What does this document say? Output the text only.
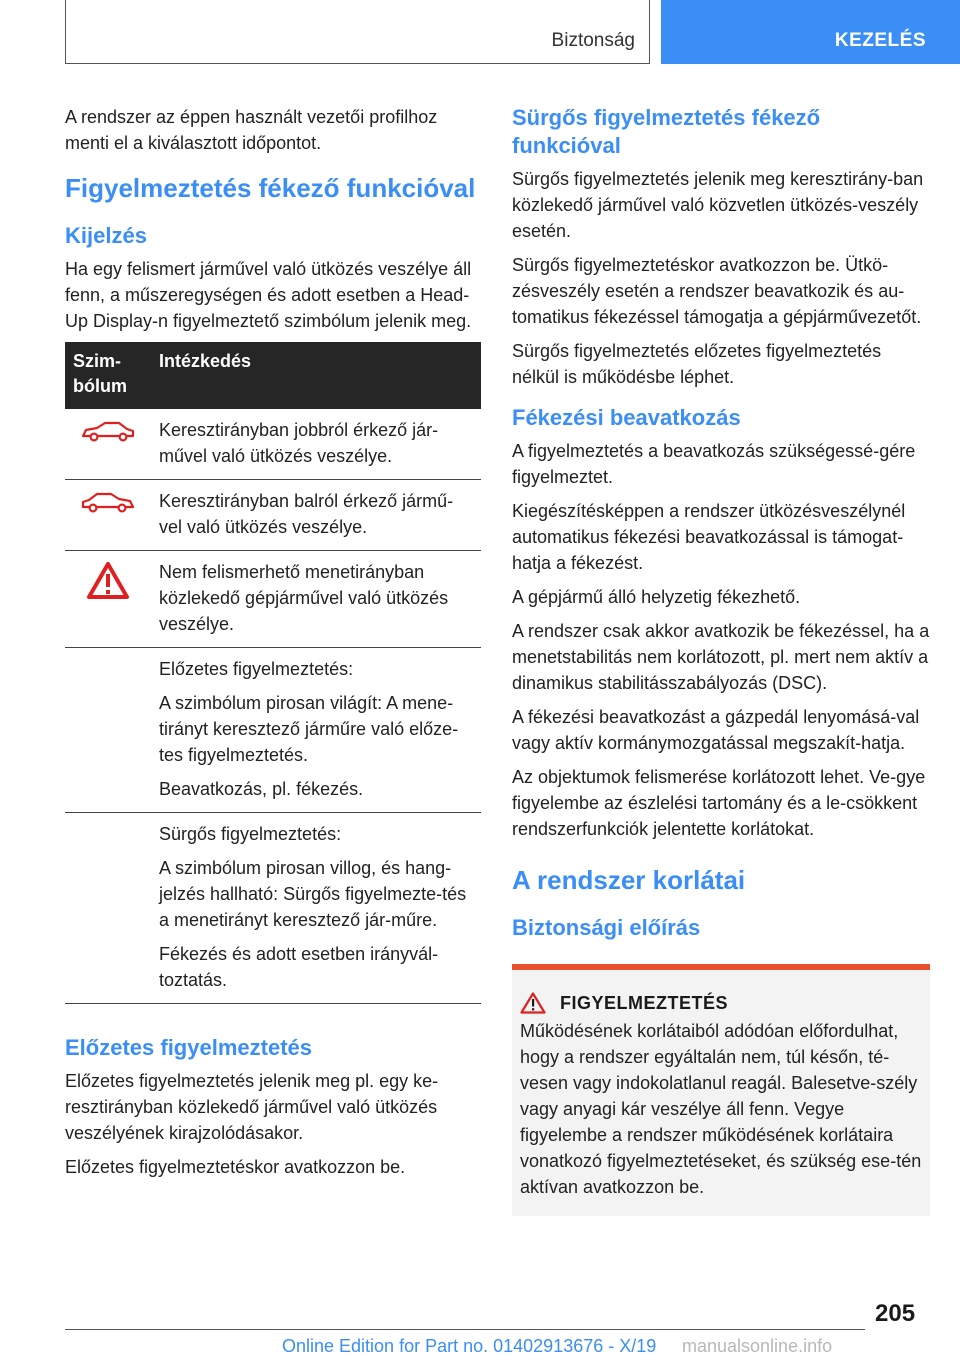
Biztonság	KEZELÉS

A rendszer az éppen használt vezetői profilhoz menti el a kiválasztott időpontot.

Figyelmeztetés fékező funkcióval
Kijelzés

Ha egy felismert járművel való ütközés veszélye áll fenn, a műszeregységen és adott esetben a Head-Up Display-n figyelmeztető szimbólum jelenik meg.

Szim-bólum	Intézkedés

Keresztirányban jobbról érkező jár-művel való ütközés veszélye.

Keresztirányban balról érkező jármű-vel való ütközés veszélye.

Nem felismerhető menetirányban közlekedő gépjárművel való ütközés veszélye.

	Előzetes figyelmeztetés:

A szimbólum pirosan világít: A mene-tirányt keresztező járműre való előze-tes figyelmeztetés.

Beavatkozás, pl. fékezés.

	Sürgős figyelmeztetés:

A szimbólum pirosan villog, és hang-jelzés hallható: Sürgős figyelmezte-tés a menetirányt keresztező jár-műre.

Fékezés és adott esetben irányvál-toztatás.

Előzetes figyelmeztetés

Előzetes figyelmeztetés jelenik meg pl. egy ke-resztirányban közlekedő járművel való ütközés veszélyének kirajzolódásakor.

Előzetes figyelmeztetéskor avatkozzon be.

Sürgős figyelmeztetés fékező funkcióval

Sürgős figyelmeztetés jelenik meg keresztirány-ban közlekedő járművel való közvetlen ütközés-veszély esetén.

Sürgős figyelmeztetéskor avatkozzon be. Ütkö-zésveszély esetén a rendszer beavatkozik és au-tomatikus fékezéssel támogatja a gépjárművezetőt.

Sürgős figyelmeztetés előzetes figyelmeztetés nélkül is működésbe léphet.

Fékezési beavatkozás

A figyelmeztetés a beavatkozás szükségessé-gére figyelmeztet.

Kiegészítésképpen a rendszer ütközésveszélynél automatikus fékezési beavatkozással is támogat-hatja a fékezést.

A gépjármű álló helyzetig fékezhető.

A rendszer csak akkor avatkozik be fékezéssel, ha a menetstabilitás nem korlátozott, pl. mert nem aktív a dinamikus stabilitásszabályozás (DSC).

A fékezési beavatkozást a gázpedál lenyomásá-val vagy aktív kormánymozgatással megszakít-hatja.

Az objektumok felismerése korlátozott lehet. Ve-gye figyelembe az észlelési tartomány és a le-csökkent rendszerfunkciók jelentette korlátokat.

A rendszer korlátai
Biztonsági előírás
FIGYELMEZTETÉS

Működésének korlátaiból adódóan előfordulhat, hogy a rendszer egyáltalán nem, túl későn, té-vesen vagy indokolatlanul reagál. Balesetve-szély vagy anyagi kár veszélye áll fenn. Vegye figyelembe a rendszer működésének korlátaira vonatkozó figyelmeztetéseket, és szükség ese-tén aktívan avatkozzon be.

205
Online Edition for Part no. 01402913676 - X/19 manualsonline.info
